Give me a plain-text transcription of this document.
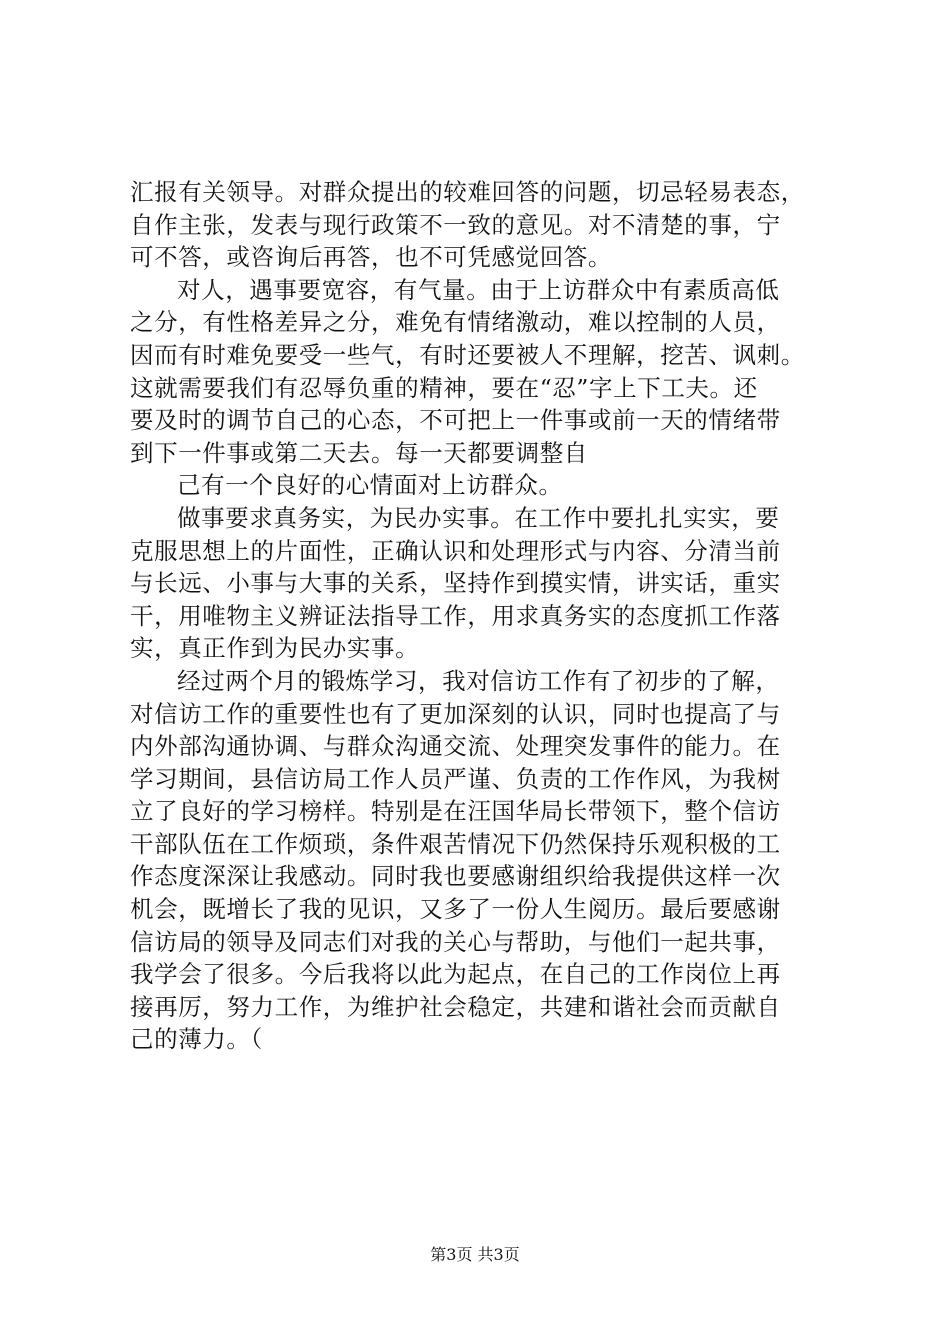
汇报有关领导。对群众提出的较难回答的问题，切忌轻易表态，
自作主张，发表与现行政策不一致的意见。对不清楚的事，宁
可不答，或咨询后再答，也不可凭感觉回答。
对人，遇事要宽容，有气量。由于上访群众中有素质高低
之分，有性格差异之分，难免有情绪激动，难以控制的人员，
因而有时难免要受一些气，有时还要被人不理解，挖苦、讽刺。
这就需要我们有忍辱负重的精神，要在“忍”字上下工夫。还
要及时的调节自己的心态，不可把上一件事或前一天的情绪带
到下一件事或第二天去。每一天都要调整自
己有一个良好的心情面对上访群众。
做事要求真务实，为民办实事。在工作中要扎扎实实，要
克服思想上的片面性，正确认识和处理形式与内容、分清当前
与长远、小事与大事的关系，坚持作到摸实情，讲实话，重实
干，用唯物主义辨证法指导工作，用求真务实的态度抓工作落
实，真正作到为民办实事。
经过两个月的锻炼学习，我对信访工作有了初步的了解，
对信访工作的重要性也有了更加深刻的认识，同时也提高了与
内外部沟通协调、与群众沟通交流、处理突发事件的能力。在
学习期间，县信访局工作人员严谨、负责的工作作风，为我树
立了良好的学习榜样。特别是在汪国华局长带领下，整个信访
干部队伍在工作烦琐，条件艰苦情况下仍然保持乐观积极的工
作态度深深让我感动。同时我也要感谢组织给我提供这样一次
机会，既增长了我的见识，又多了一份人生阅历。最后要感谢
信访局的领导及同志们对我的关心与帮助，与他们一起共事，
我学会了很多。今后我将以此为起点，在自己的工作岗位上再
接再厉，努力工作，为维护社会稳定，共建和谐社会而贡献自
己的薄力。（
第3页 共3页
